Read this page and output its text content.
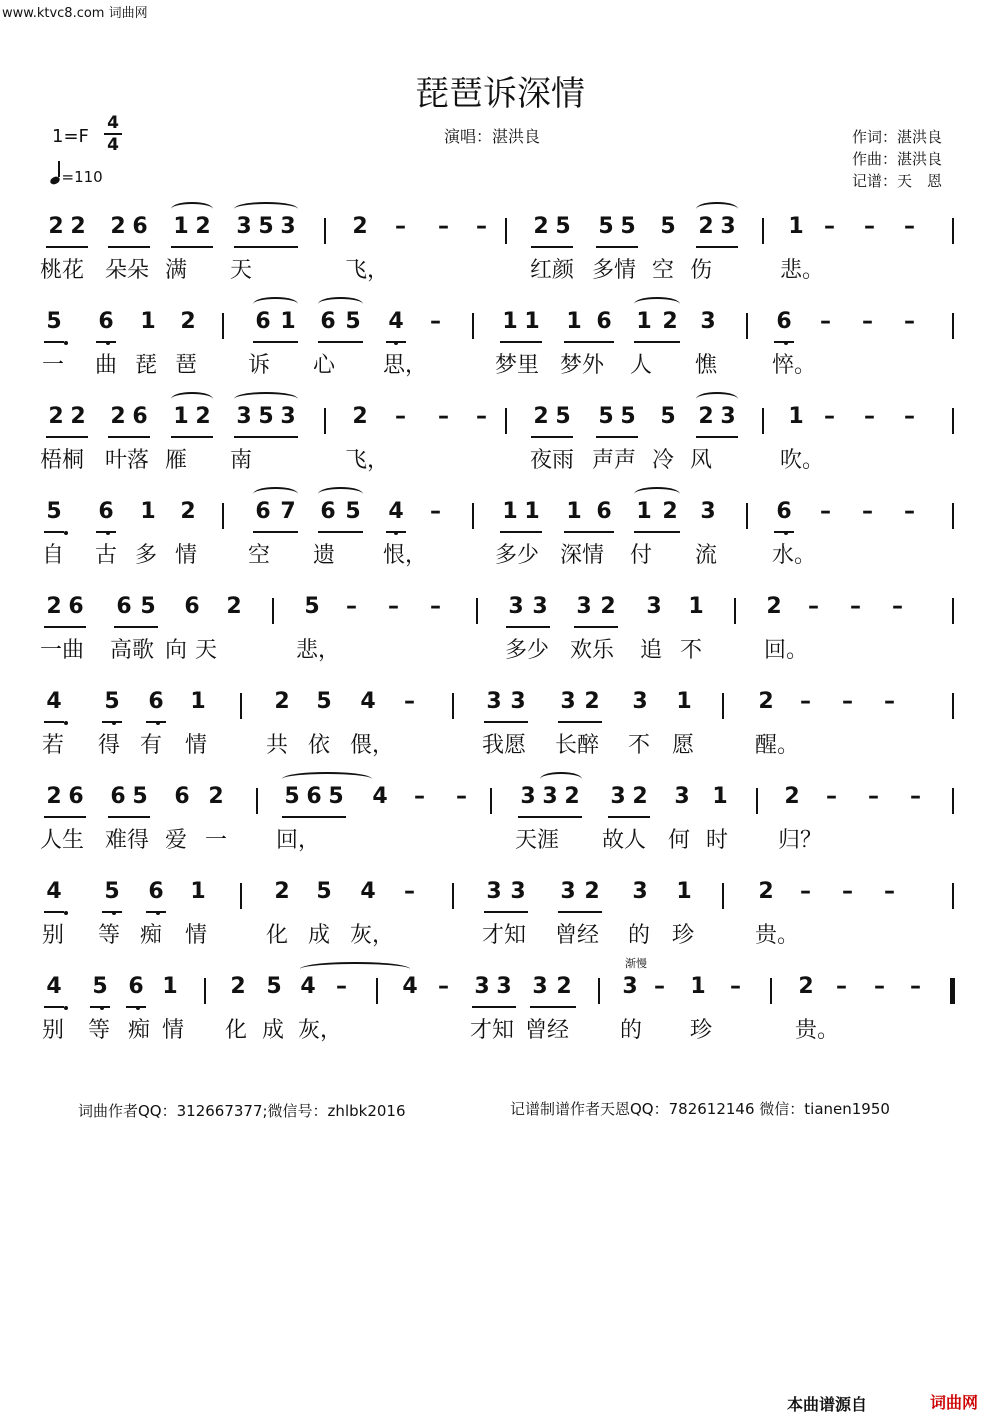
www.ktvc8.com 词曲网
琵琶诉深情
1=F
4
4
=110
演唱：湛洪良	作词：湛洪良
作曲：湛洪良
记谱：天　恩
渐慢
2 2 2 6 1 2 3 5 3	2	2 5 5 5 5 2 3 1
– – –	– – –
桃花 朵朵 满 天	飞，	红颜 多情 空 伤	悲。
5 6 1 2	6 1 6 5 4	1 1 1 6 1 2 3	6
–	– – –
一 曲 琵 琶 诉 心 思，	梦里 梦外 人 憔 悴。
2 2 2 6 1 2 3 5 3	2	2 5 5 5 5 2 3 1
– – –	– – –
梧桐 叶落 雁 南	飞，	夜雨 声声 冷 风	吹。
5 6 1 2	6 7 6 5 4	1 1 1 6 1 2 3	6
–	– – –
自 古 多 情 空 遗 恨，	多少 深情 付 流 水。
2 6 6 5 6 2	5	3 3 3 2 3 1	2
– – –	– – –
一曲 高歌 向 天	悲，	多少 欢乐 追 不	回。
4 5 6 1	2 5 4	3 3 3 2 3 1	2
–	– – –
若 得 有 情	共 依 偎，	我愿 长醉 不 愿	醒。
2 6 6 5 6 2	5 6 5 4	3 3 2 3 2 3 1	2
– –	– – –
人生 难得 爱 一 回，	天涯 故人 何 时 归？
4 5 6 1	2 5 4	3 3 3 2 3 1	2
–	– – –
别 等 痴 情	化 成 灰，	才知 曾经 的 珍	贵。
4 5 6 1 2 5 4	4	3 3 3 2 3 1	2
–	–	–	–	– – –
别 等 痴 情 化 成 灰，	才知 曾经 的 珍	贵。
词曲作者QQ：312667377;微信号：zhlbk2016	记谱制谱作者天恩QQ：782612146 微信：tianen1950
本曲谱源自	词曲网
